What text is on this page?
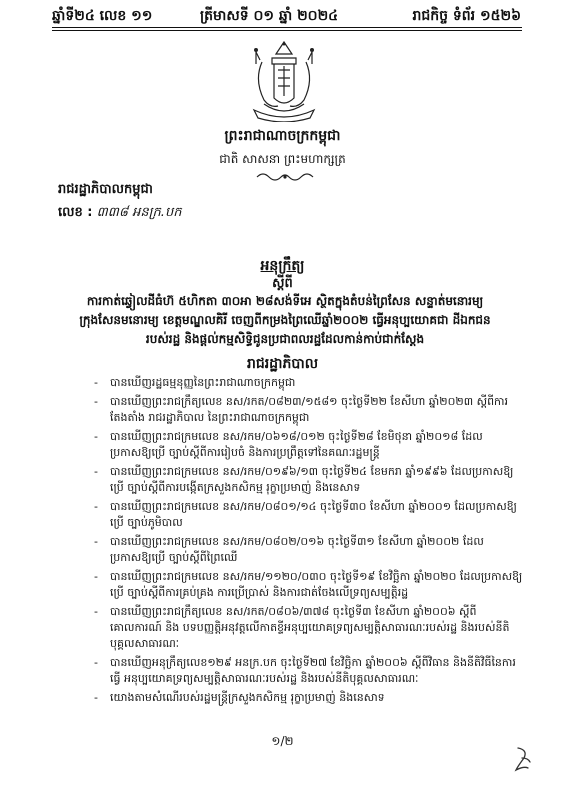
ឆ្នាំទី២៤ លេខ ១១	ត្រីមាសទី ០១ ឆ្នាំ ២០២៤	រាជកិច្ច ទំព័រ ១៥២៦
ព្រះរាជាណាចក្រកម្ពុជា
ជាតិ សាសនា ព្រះមហាក្សត្រ
រាជរដ្ឋាភិបាលកម្ពុជា
លេខ : ៣៣៨ អនក្រ.បក
អនុក្រឹត្យ
ស្តីពី
ការកាត់ឆ្វៀលដីធំហ៊ ៥ហិកតា ៣០អា ២៨សង់ទីអេ ស្ថិតក្នុងតំបន់ព្រៃសែន សន្ទាត់មនោរម្យ ក្រុងសែនមនោរម្យ ខេត្តមណ្ឌលគិរី ចេញពីកម្រងព្រៃឈើឆ្នាំ២០០២ ធ្វើអនុប្បយោគជា ដីឯកជនរបស់រដ្ឋ និងផ្ដល់កម្មសិទ្ធិជូនប្រជាពលរដ្ឋដែលកាន់កាប់ជាក់ស្ដែង
រាជរដ្ឋាភិបាល
- បានឃើញរដ្ឋធម្មនុញ្ញនៃព្រះរាជាណាចក្រកម្ពុជា
- បានឃើញព្រះរាជក្រឹត្យលេខ នស/រកត/០៨២៣/១៥៨១ ចុះថ្ងៃទី២២ ខែសីហា ឆ្នាំ២០២៣ ស្តីពីការតែងតាំង រាជរដ្ឋាភិបាល នៃព្រះរាជាណាចក្រកម្ពុជា
- បានឃើញព្រះរាជក្រមលេខ នស/រកម/០៦១៨/០១២ ចុះថ្ងៃទី២៨ ខែមិថុនា ឆ្នាំ២០១៨ ដែលប្រកាសឱ្យប្រើ ច្បាប់ស្តីពីការរៀបចំ និងការប្រព្រឹត្តទៅនៃគណៈរដ្ឋមន្ត្រី
- បានឃើញព្រះរាជក្រមលេខ នស/រកម/០១៩៦/១៣ ចុះថ្ងៃទី២៤ ខែមករា ឆ្នាំ១៩៩៦ ដែលប្រកាសឱ្យប្រើ ច្បាប់ស្តីពីការបង្កើតក្រសួងកសិកម្ម រុក្ខាប្រមាញ់ និងនេសាទ
- បានឃើញព្រះរាជក្រមលេខ នស/រកម/០៨០១/១៤ ចុះថ្ងៃទី៣០ ខែសីហា ឆ្នាំ២០០១ ដែលប្រកាសឱ្យប្រើ ច្បាប់ភូមិបាល
- បានឃើញព្រះរាជក្រមលេខ នស/រកម/០៨០២/០១៦ ចុះថ្ងៃទី៣១ ខែសីហា ឆ្នាំ២០០២ ដែលប្រកាសឱ្យប្រើ ច្បាប់ស្តីពីព្រៃឈើ
- បានឃើញព្រះរាជក្រមលេខ នស/រកម/១១២០/០៣០ ចុះថ្ងៃទី១៩ ខែវិច្ឆិកា ឆ្នាំ២០២០ ដែលប្រកាសឱ្យប្រើ ច្បាប់ស្តីពីការគ្រប់គ្រង ការប្រើប្រាស់ និងការជាត់ចែងលើទ្រព្យសម្បត្តិរដ្ឋ
- បានឃើញព្រះរាជក្រឹត្យលេខ នស/រកត/០៨០៦/៣៧៨ ចុះថ្ងៃទី៣ ខែសីហា ឆ្នាំ២០០៦ ស្តីពីគោលការណ៍ និង បទបញ្ញត្តិអនុវត្តលើកាតខ្ទីអនុប្បយោគទ្រព្យសម្បត្តិសាធារណៈរបស់រដ្ឋ និងរបស់នីតិបុគ្គលសាធារណៈ
- បានឃើញអនុក្រឹត្យលេខ១២៩ អនក្រ.បក ចុះថ្ងៃទី២៧ ខែវិច្ឆិកា ឆ្នាំ២០០៦ ស្តីពីវិធាន និងនីតិវិធីនៃការធ្វើ អនុប្បយោគទ្រព្យសម្បត្តិសាធារណៈរបស់រដ្ឋ និងរបស់នីតិបុគ្គលសាធារណៈ
- យោងតាមសំណើរបស់រដ្ឋមន្ត្រីក្រសួងកសិកម្ម រុក្ខាប្រមាញ់ និងនេសាទ
១/២
